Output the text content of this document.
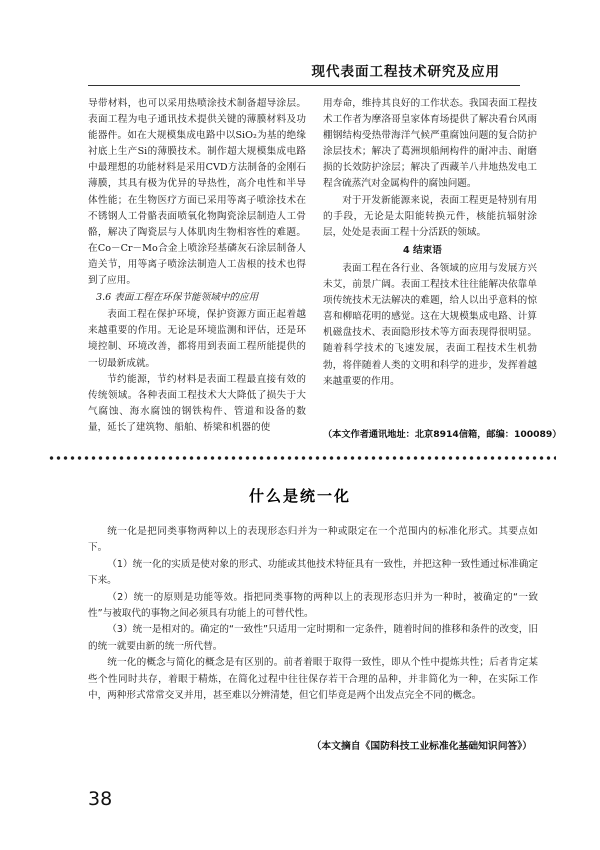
现代表面工程技术研究及应用

导带材料，也可以采用热喷涂技术制备超导涂层。表面工程为电子通讯技术提供关键的薄膜材料及功能器件。如在大规模集成电路中以SiO₂为基的绝缘衬底上生产Si的薄膜技术。制作超大规模集成电路中最理想的功能材料是采用CVD方法制备的金刚石薄膜，其具有极为优异的导热性，高介电性和半导体性能；在生物医疗方面已采用等离子喷涂技术在不锈钢人工骨骼表面喷氧化物陶瓷涂层制造人工骨骼，解决了陶瓷层与人体肌肉生物相容性的难题。在Co－Cr－Mo合金上喷涂羟基磷灰石涂层制备人造关节，用等离子喷涂法制造人工齿根的技术也得到了应用。

3.6 表面工程在环保节能领域中的应用

表面工程在保护环境，保护资源方面正起着越来越重要的作用。无论是环境监测和评估，还是环境控制、环境改善，都将用到表面工程所能提供的一切最新成就。

节约能源，节约材料是表面工程最直接有效的传统领域。各种表面工程技术大大降低了损失于大气腐蚀、海水腐蚀的钢铁构件、管道和设备的数量，延长了建筑物、船舶、桥梁和机器的使

用寿命，维持其良好的工作状态。我国表面工程技术工作者为摩洛哥皇家体育场提供了解决看台风雨棚钢结构受热带海洋气候严重腐蚀问题的复合防护涂层技术；解决了葛洲坝船闸构件的耐冲击、耐磨损的长效防护涂层；解决了西藏羊八井地热发电工程含硫蒸汽对金属构件的腐蚀问题。

对于开发新能源来说，表面工程更是特别有用的手段，无论是太阳能转换元件，核能抗辐射涂层，处处是表面工程十分活跃的领域。

4 结束语

表面工程在各行业、各领域的应用与发展方兴未艾，前景广阔。表面工程技术往往能解决依靠单项传统技术无法解决的难题，给人以出乎意料的惊喜和柳暗花明的感觉。这在大规模集成电路、计算机磁盘技术、表面隐形技术等方面表现得很明显。随着科学技术的飞速发展，表面工程技术生机勃勃，将伴随着人类的文明和科学的进步，发挥着越来越重要的作用。

（本文作者通讯地址：北京8914信箱，邮编：100089）
什么是统一化

统一化是把同类事物两种以上的表现形态归并为一种或限定在一个范围内的标准化形式。其要点如下。

（1）统一化的实质是使对象的形式、功能或其他技术特征具有一致性，并把这种一致性通过标准确定下来。

（2）统一的原则是功能等效。指把同类事物的两种以上的表现形态归并为一种时，被确定的“一致性”与被取代的事物之间必须具有功能上的可替代性。

（3）统一是相对的。确定的“一致性”只适用一定时期和一定条件，随着时间的推移和条件的改变，旧的统一就要由新的统一所代替。

统一化的概念与简化的概念是有区别的。前者着眼于取得一致性，即从个性中提炼共性；后者肯定某些个性同时共存，着眼于精炼，在简化过程中往往保存若干合理的品种，并非简化为一种，在实际工作中，两种形式常常交叉并用，甚至难以分辨清楚，但它们毕竟是两个出发点完全不同的概念。

（本文摘自《国防科技工业标准化基础知识问答》）
38
